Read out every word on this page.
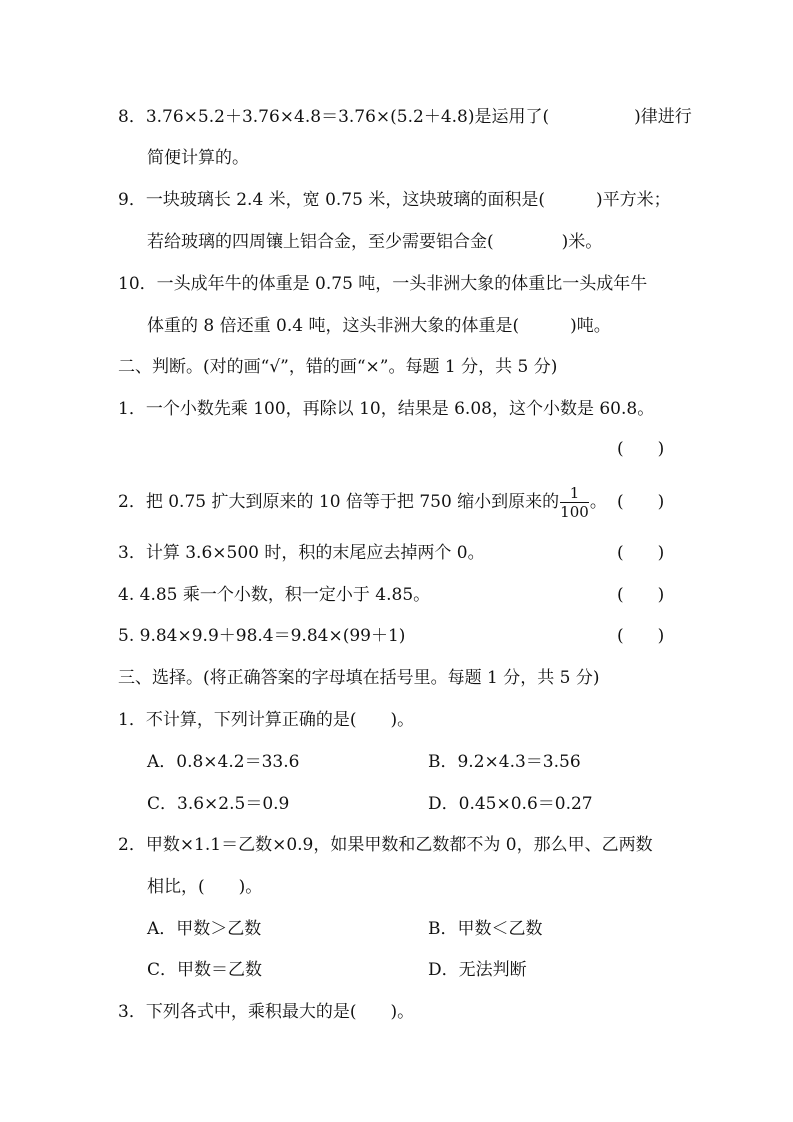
8．3.76×5.2＋3.76×4.8＝3.76×(5.2＋4.8)是运用了(　　　　　)律进行
简便计算的。
9．一块玻璃长 2.4 米，宽 0.75 米，这块玻璃的面积是(　　　)平方米；
若给玻璃的四周镶上铝合金，至少需要铝合金(　　　　)米。
10．一头成年牛的体重是 0.75 吨，一头非洲大象的体重比一头成年牛
体重的 8 倍还重 0.4 吨，这头非洲大象的体重是(　　　)吨。
二、判断。(对的画“√”，错的画“×”。每题 1 分，共 5 分)
1．一个小数先乘 100，再除以 10，结果是 6.08，这个小数是 60.8。
(　　)
2．把 0.75 扩大到原来的 10 倍等于把 750 缩小到原来的 $\frac{1}{100}$ 。 (　　)
3．计算 3.6×500 时，积的末尾应去掉两个 0。	(　　)
4. 4.85 乘一个小数，积一定小于 4.85。	(　　)
5. 9.84×9.9＋98.4＝9.84×(99＋1)	(　　)
三、选择。(将正确答案的字母填在括号里。每题 1 分，共 5 分)
1．不计算，下列计算正确的是(　　)。
A．0.8×4.2＝33.6	B．9.2×4.3＝3.56
C．3.6×2.5＝0.9	D．0.45×0.6＝0.27
2．甲数×1.1＝乙数×0.9，如果甲数和乙数都不为 0，那么甲、乙两数
相比，(　　)。
A．甲数＞乙数	B．甲数＜乙数
C．甲数＝乙数	D．无法判断
3．下列各式中，乘积最大的是(　　)。
